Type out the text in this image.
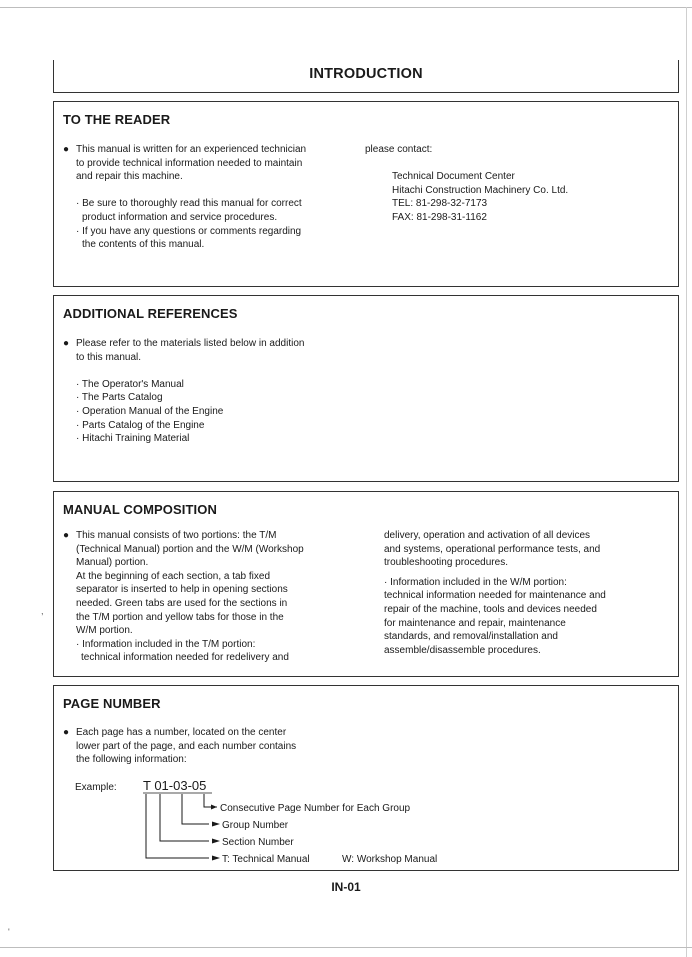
,
'
INTRODUCTION
TO THE READER
● This manual is written for an experienced technician
to provide technical information needed to maintain
and repair this machine.
· Be sure to thoroughly read this manual for correct
product information and service procedures.
· If you have any questions or comments regarding
the contents of this manual.
please contact:
Technical Document Center
Hitachi Construction Machinery Co. Ltd.
TEL: 81-298-32-7173
FAX: 81-298-31-1162
ADDITIONAL REFERENCES
● Please refer to the materials listed below in addition
to this manual.
· The Operator's Manual
· The Parts Catalog
· Operation Manual of the Engine
· Parts Catalog of the Engine
· Hitachi Training Material
MANUAL COMPOSITION
● This manual consists of two portions: the T/M
(Technical Manual) portion and the W/M (Workshop
Manual) portion.
At the beginning of each section, a tab fixed
separator is inserted to help in opening sections
needed. Green tabs are used for the sections in
the T/M portion and yellow tabs for those in the
W/M portion.
· Information included in the T/M portion:
technical information needed for redelivery and
delivery, operation and activation of all devices
and systems, operational performance tests, and
troubleshooting procedures.
· Information included in the W/M portion:
technical information needed for maintenance and
repair of the machine, tools and devices needed
for maintenance and repair, maintenance
standards, and removal/installation and
assemble/disassemble procedures.
PAGE NUMBER
● Each page has a number, located on the center
lower part of the page, and each number contains
the following information:
Example: T 01-03-05
Consecutive Page Number for Each Group
Group Number
Section Number
T: Technical Manual	W: Workshop Manual
IN-01
